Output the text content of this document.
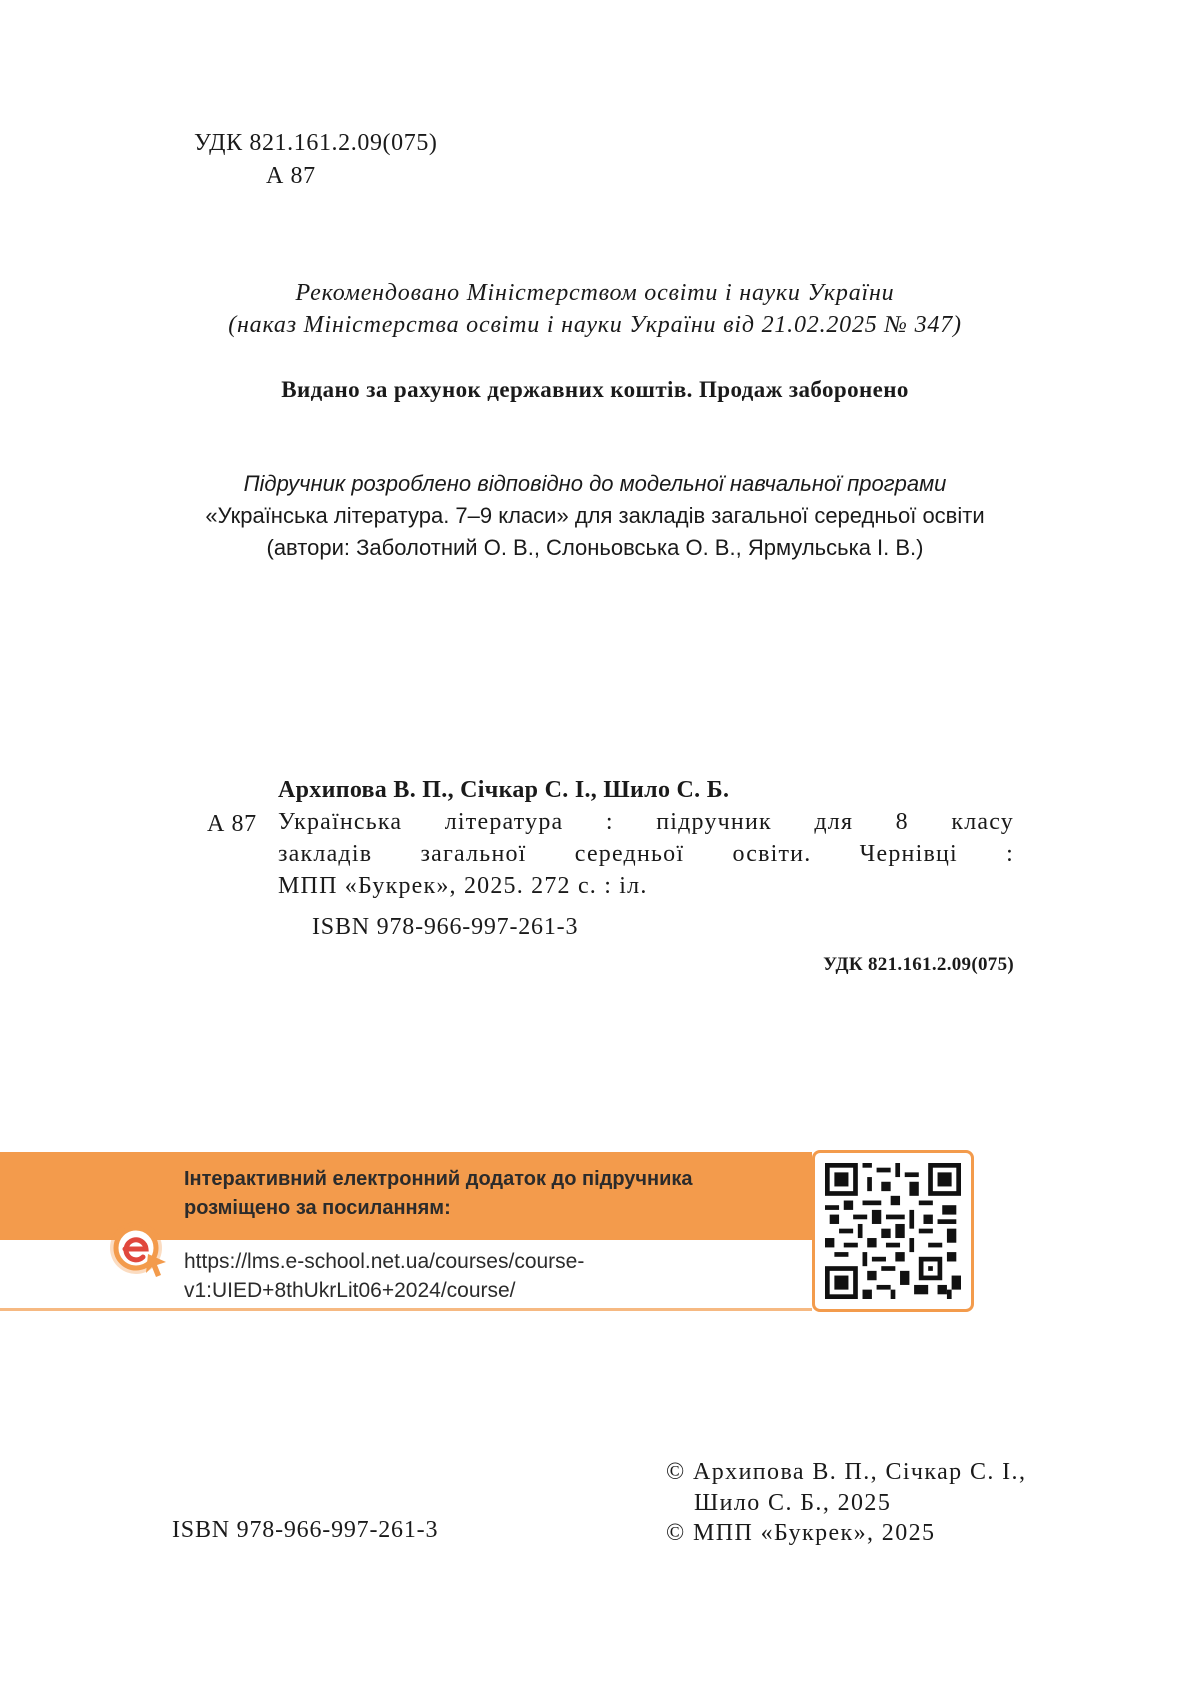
УДК 821.161.2.09(075)
А 87
Рекомендовано Міністерством освіти і науки України
(наказ Міністерства освіти і науки України від 21.02.2025 № 347)
Видано за рахунок державних коштів. Продаж заборонено
Підручник розроблено відповідно до модельної навчальної програми
«Українська література. 7–9 класи» для закладів загальної середньої освіти
(автори: Заболотний О. В., Слоньовська О. В., Ярмульська І. В.)
Архипова В. П., Січкар С. І., Шило С. Б.
А 87 Українська література : підручник для 8 класу
закладів загальної середньої освіти. Чернівці :
МПП «Букрек», 2025. 272 с. : іл.
ISBN 978-966-997-261-3
УДК 821.161.2.09(075)
Інтерактивний електронний додаток до підручника
розміщено за посиланням:
https://lms.e-school.net.ua/courses/course-
v1:UIED+8thUkrLit06+2024/course/
ISBN 978-966-997-261-3
© Архипова В. П., Січкар С. І.,
Шило С. Б., 2025
© МПП «Букрек», 2025
